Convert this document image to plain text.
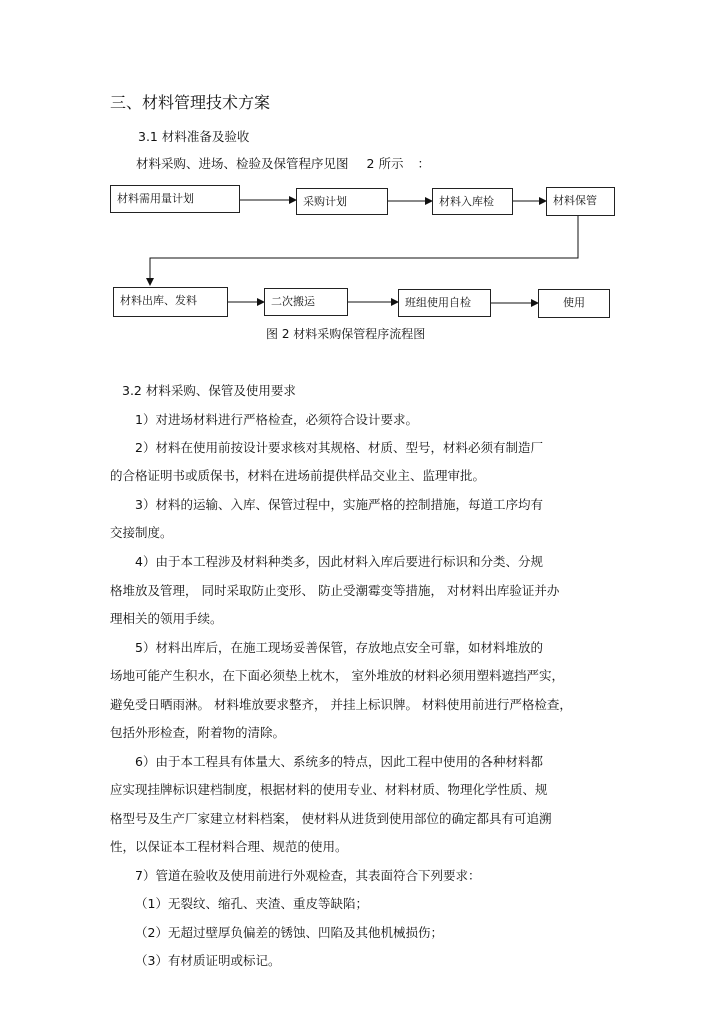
三、材料管理技术方案
3.1 材料准备及验收
材料采购、进场、检验及保管程序见图 2 所示 ：
材料需用量计划	采购计划	材料入库检	材料保管
材料出库、发料	二次搬运	班组使用自检	使用
图 2 材料采购保管程序流程图
3.2 材料采购、保管及使用要求
1）对进场材料进行严格检查，必须符合设计要求。
2）材料在使用前按设计要求核对其规格、材质、型号，材料必须有制造厂
的合格证明书或质保书，材料在进场前提供样品交业主、监理审批。
3）材料的运输、入库、保管过程中，实施严格的控制措施，每道工序均有
交接制度。
4）由于本工程涉及材料种类多，因此材料入库后要进行标识和分类、分规
格堆放及管理， 同时采取防止变形、 防止受潮霉变等措施， 对材料出库验证并办
理相关的领用手续。
5）材料出库后，在施工现场妥善保管，存放地点安全可靠，如材料堆放的
场地可能产生积水，在下面必须垫上枕木， 室外堆放的材料必须用塑料遮挡严实，
避免受日晒雨淋。 材料堆放要求整齐， 并挂上标识牌。 材料使用前进行严格检查，
包括外形检查，附着物的清除。
6）由于本工程具有体量大、系统多的特点，因此工程中使用的各种材料都
应实现挂牌标识建档制度，根据材料的使用专业、材料材质、物理化学性质、规
格型号及生产厂家建立材料档案， 使材料从进货到使用部位的确定都具有可追溯
性，以保证本工程材料合理、规范的使用。
7）管道在验收及使用前进行外观检查，其表面符合下列要求：
（1）无裂纹、缩孔、夹渣、重皮等缺陷；
（2）无超过壁厚负偏差的锈蚀、凹陷及其他机械损伤；
（3）有材质证明或标记。
